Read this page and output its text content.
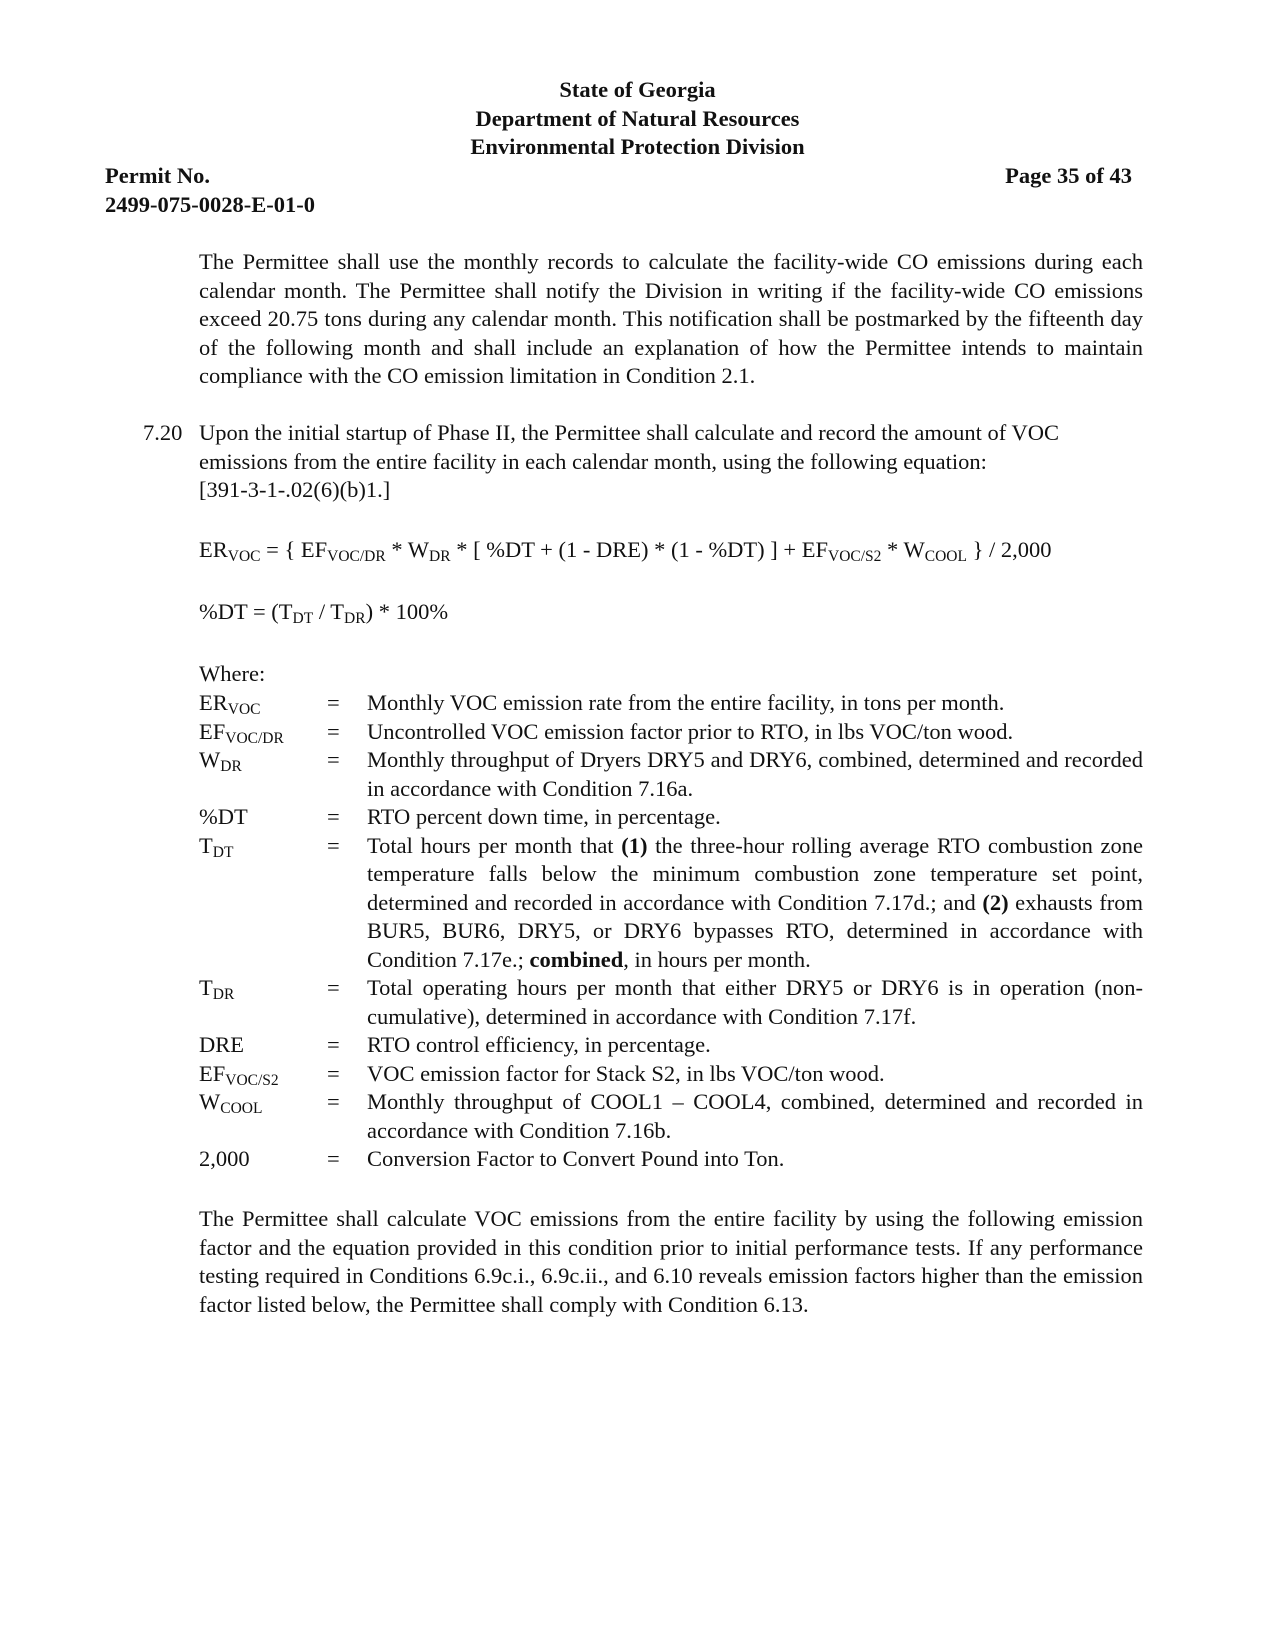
State of Georgia
Department of Natural Resources
Environmental Protection Division
Permit No.
2499-075-0028-E-01-0
Page 35 of 43

The Permittee shall use the monthly records to calculate the facility-wide CO emissions during each calendar month. The Permittee shall notify the Division in writing if the facility-wide CO emissions exceed 20.75 tons during any calendar month. This notification shall be postmarked by the fifteenth day of the following month and shall include an explanation of how the Permittee intends to maintain compliance with the CO emission limitation in Condition 2.1.

7.20 Upon the initial startup of Phase II, the Permittee shall calculate and record the amount of VOC
emissions from the entire facility in each calendar month, using the following equation:
[391-3-1-.02(6)(b)1.]
$ER_{VOC}$ = { $EF_{VOC/DR} * W_{DR}$ * [ %DT + (1 - DRE) * (1 - %DT) ] + $EF_{VOC/S2} * W_{COOL}$ } / 2,000
$\%DT = (T_{DT} / T_{DR}) * 100\%$
Where:
$ER_{VOC}$	=	Monthly VOC emission rate from the entire facility, in tons per month.
$EF_{VOC/DR}$	=	Uncontrolled VOC emission factor prior to RTO, in lbs VOC/ton wood.
$W_{DR}$	=	Monthly throughput of Dryers DRY5 and DRY6, combined, determined and recorded in accordance with Condition 7.16a.
%DT	=	RTO percent down time, in percentage.
$T_{DT}$	=	Total hours per month that (1) the three-hour rolling average RTO combustion zone temperature falls below the minimum combustion zone temperature set point, determined and recorded in accordance with Condition 7.17d.; and (2) exhausts from BUR5, BUR6, DRY5, or DRY6 bypasses RTO, determined in accordance with Condition 7.17e.; combined, in hours per month.
$T_{DR}$	=	Total operating hours per month that either DRY5 or DRY6 is in operation (non-cumulative), determined in accordance with Condition 7.17f.
DRE	=	RTO control efficiency, in percentage.
$EF_{VOC/S2}$	=	VOC emission factor for Stack S2, in lbs VOC/ton wood.
$W_{COOL}$	=	Monthly throughput of COOL1 – COOL4, combined, determined and recorded in accordance with Condition 7.16b.
2,000	=	Conversion Factor to Convert Pound into Ton.

The Permittee shall calculate VOC emissions from the entire facility by using the following emission factor and the equation provided in this condition prior to initial performance tests. If any performance testing required in Conditions 6.9c.i., 6.9c.ii., and 6.10 reveals emission factors higher than the emission factor listed below, the Permittee shall comply with Condition 6.13.
